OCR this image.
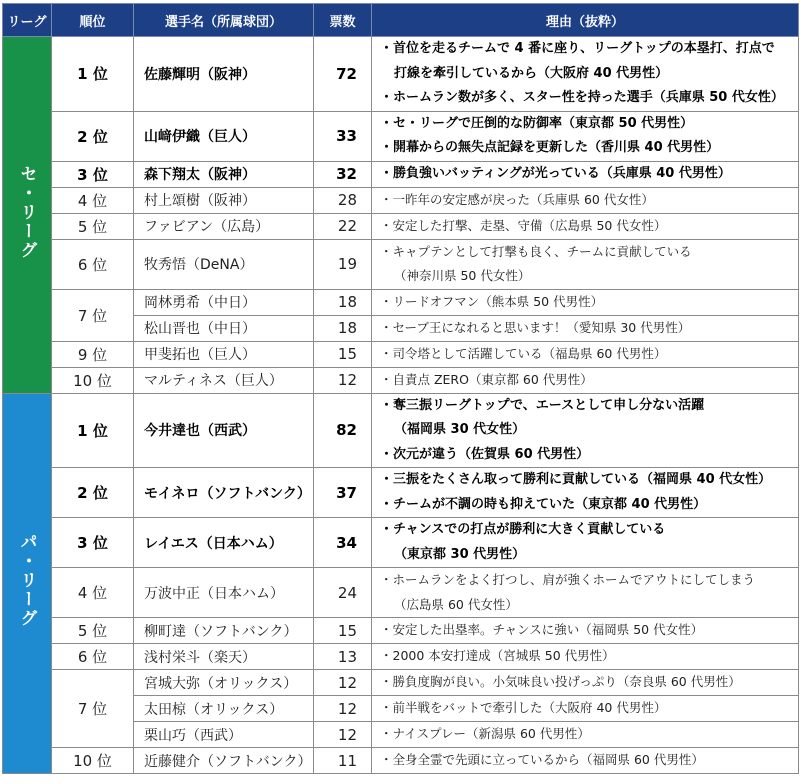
リーグ	順位	選手名（所属球団）	票数	理由（抜粋）
セ・リーグ	1 位	佐藤輝明（阪神）	72	・首位を走るチームで 4 番に座り、リーグトップの本塁打、打点で
打線を牽引しているから（大阪府 40 代男性）
・ホームラン数が多く、スター性を持った選手（兵庫県 50 代女性）

	2 位	山﨑伊織（巨人）	33	・セ・リーグで圧倒的な防御率（東京都 50 代男性）
・開幕からの無失点記録を更新した（香川県 40 代男性）

	3 位	森下翔太（阪神）	32	・勝負強いバッティングが光っている（兵庫県 40 代男性）

	4 位	村上頌樹（阪神）	28	・一昨年の安定感が戻った（兵庫県 60 代女性）

	5 位	ファビアン（広島）	22	・安定した打撃、走塁、守備（広島県 50 代女性）

	6 位	牧秀悟（DeNA）	19	・キャプテンとして打撃も良く、チームに貢献している
（神奈川県 50 代女性）

	7 位	岡林勇希（中日）	18	・リードオフマン（熊本県 50 代男性）

		松山晋也（中日）	18	・セーブ王になれると思います！（愛知県 30 代男性）

	9 位	甲斐拓也（巨人）	15	・司令塔として活躍している（福島県 60 代男性）

	10 位	マルティネス（巨人）	12	・自責点 ZERO（東京都 60 代男性）

パ・リーグ	1 位	今井達也（西武）	82	・奪三振リーグトップで、エースとして申し分ない活躍
（福岡県 30 代女性）
・次元が違う（佐賀県 60 代男性）

	2 位	モイネロ（ソフトバンク）	37	・三振をたくさん取って勝利に貢献している（福岡県 40 代女性）
・チームが不調の時も抑えていた（東京都 40 代男性）

	3 位	レイエス（日本ハム）	34	・チャンスでの打点が勝利に大きく貢献している
（東京都 30 代男性）

	4 位	万波中正（日本ハム）	24	・ホームランをよく打つし、肩が強くホームでアウトにしてしまう
（広島県 60 代女性）

	5 位	柳町達（ソフトバンク）	15	・安定した出塁率。チャンスに強い（福岡県 50 代女性）

	6 位	浅村栄斗（楽天）	13	・2000 本安打達成（宮城県 50 代男性）

	7 位	宮城大弥（オリックス）	12	・勝負度胸が良い。小気味良い投げっぷり（奈良県 60 代男性）

		太田椋（オリックス）	12	・前半戦をバットで牽引した（大阪府 40 代男性）

		栗山巧（西武）	12	・ナイスプレー（新潟県 60 代男性）

	10 位	近藤健介（ソフトバンク）	11	・全身全霊で先頭に立っているから（福岡県 60 代男性）
